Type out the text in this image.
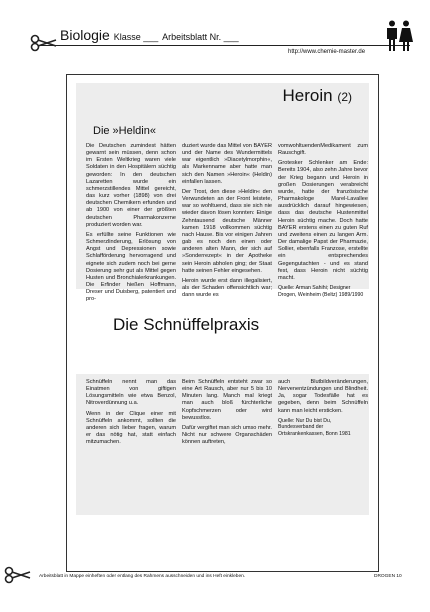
Biologie Klasse ___ Arbeitsblatt Nr. ___
http://www.chemie-master.de
Heroin (2)
Die »Heldin«

Die Deutschen zumindest hätten gewarnt sein müssen, denn schon im Ersten Weltkrieg waren viele Soldaten in den Hospitälern süchtig geworden: In den deutschen Lazaretten wurde ein schmerzstillendes Mittel gereicht, das kurz vorher (1898) von drei deutschen Chemikern erfunden und ab 1900 von einer der größten deutschen Pharmakonzerne produziert worden war.

Es erfüllte seine Funktionen wie Schmerzlinderung, Erlösung von Angst und Depressionen sowie Schlafförderung hervorragend und eignete sich zudem noch bei gerne Dosierung sehr gut als Mittel gegen Husten und Bronchialerkrankungen. Die Erfinder hießen Hoffmann, Dreser und Duisberg, patentiert und pro-

duziert wurde das Mittel von BAYER und der Name des Wundermittels war eigentlich »Diacetylmorphin«, als Markenname aber hatte man sich den Namen »Heroin« (Heldin) einfallen lassen.

Der Trost, den diese »Heldin« den Verwundeten an der Front leistete, war so wohltuend, dass sie sich nie wieder davon lösen konnten: Einige Zehntausend deutsche Männer kamen 1918 vollkommen süchtig nach Hause. Bis vor einigen Jahren gab es noch den einen oder anderen alten Mann, der sich auf »Sonderrezept« in der Apotheke sein Heroin abholen ging; der Staat hatte seinen Fehler eingesehen.

Heroin wurde erst dann illegalisiert, als der Schaden offensichtlich war; dann wurde es

vomwohltuendenMedikament zum Rauschgift.

Grotesker Schlenker am Ende: Bereits 1904, also zehn Jahre bevor der Krieg begann und Heroin in großen Dosierungen verabreicht wurde, hatte der französische Pharmakologe Marel-Lavallee ausdrücklich darauf hingewiesen, dass das deutsche Hustenmittel Heroin süchtig mache. Doch hatte BAYER erstens einen zu guten Ruf und zweitens einen zu langen Arm. Der damalige Papst der Pharmazie, Sollier, ebenfalls Franzose, erstellte ein entsprechendes Gegengutachten - und es stand fest, dass Heroin nicht süchtig macht.

Quelle: Arman Sahihi; Designer Drogen, Weinheim (Beltz) 1989/1990

Die Schnüffelpraxis

Schnüffeln nennt man das Einatmen von giftigen Lösungsmitteln wie etwa Benzol, Nitroverdünnung u.a.

Wenn in der Clique einer mit Schnüffeln ankommt, sollten die anderen sich lieber fragen, warum er das nötig hat, statt einfach mitzumachen.

Beim Schnüffeln entsteht zwar so eine Art Rausch, aber nur 5 bis 10 Minuten lang. Manch mal kriegt man auch bloß fürchterliche Kopfschmerzen oder wird bewusstlos.

Dafür vergiftet man sich umso mehr. Nicht nur schwere Organschäden können auftreten,

auch Blutbildveränderungen, Nervenentzündungen und Blindheit. Ja, sogar Todesfälle hat es gegeben, denn beim Schnüffeln kann man leicht ersticken.

Quelle: Nur Du bist Du, Bundesverband der Ortskrankenkassen, Bonn 1981

Arbeitsblatt in Mappe einheften oder entlang des Rahmens ausschneiden und ins Heft einkleben.	DROGEN 10
